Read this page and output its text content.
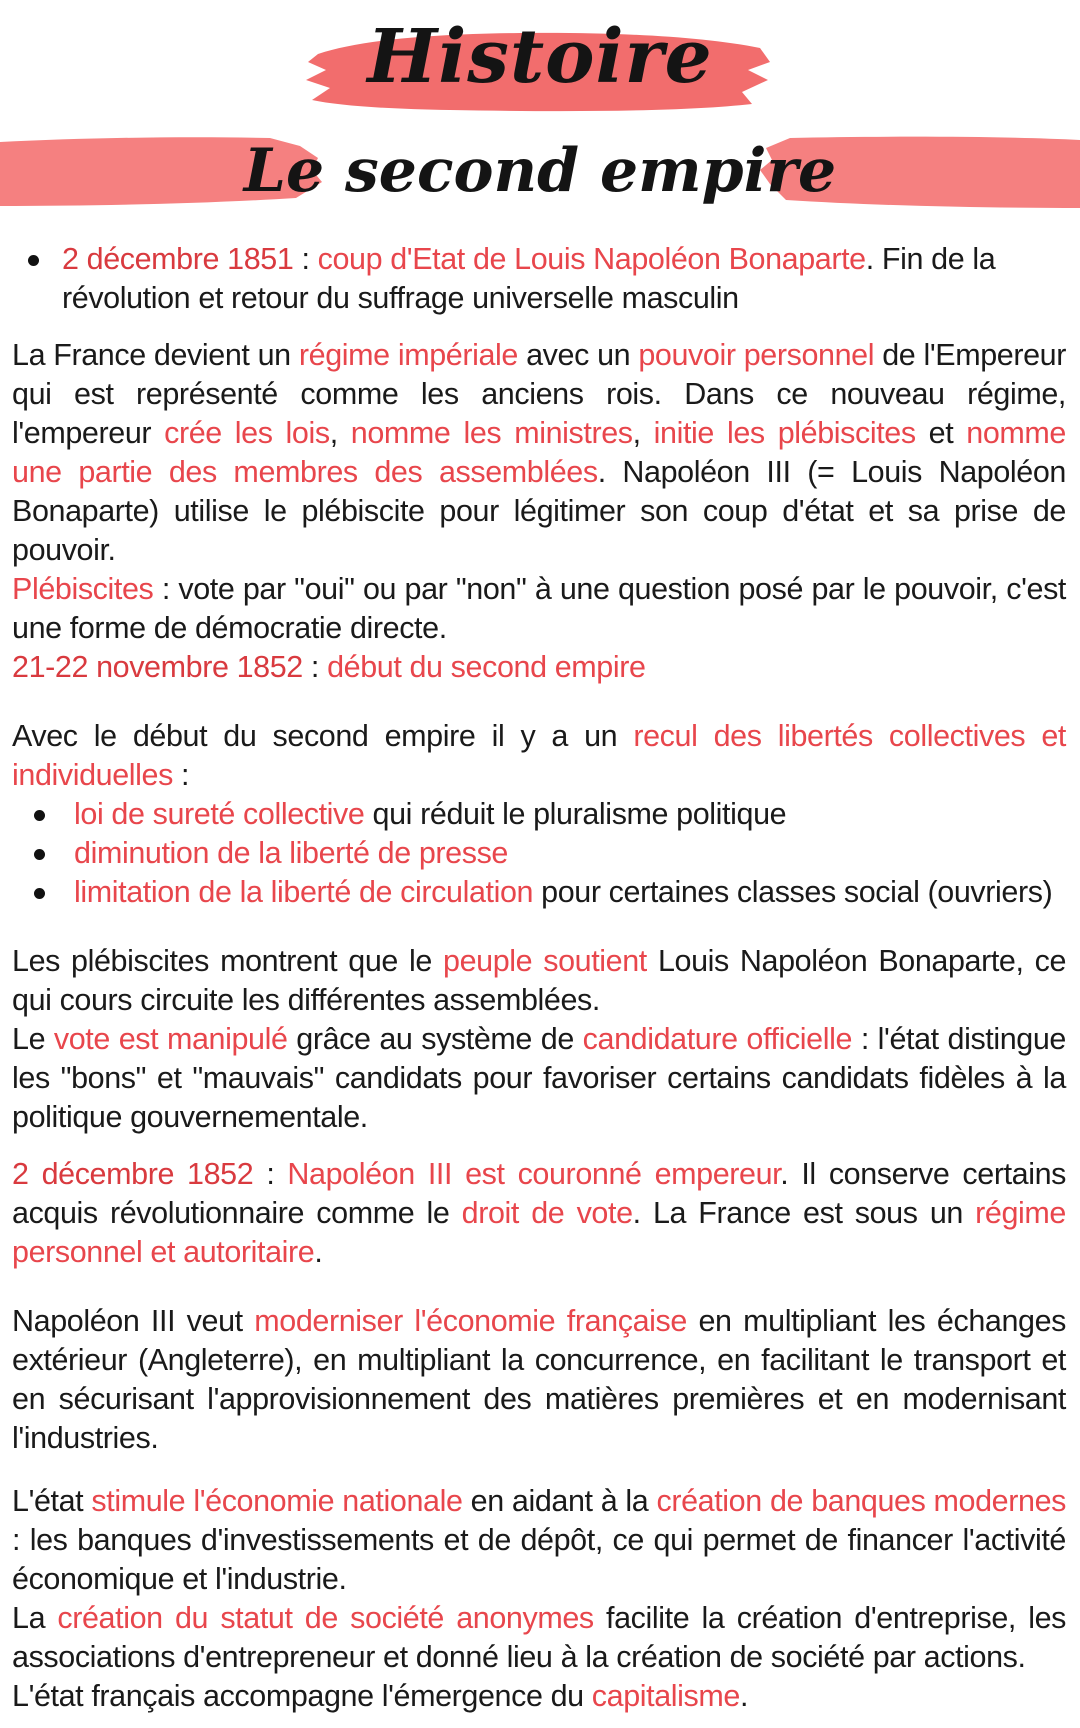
Histoire
Le second empire
2 décembre 1851 : coup d'Etat de Louis Napoléon Bonaparte. Fin de la révolution et retour du suffrage universelle masculin

La France devient un régime impériale avec un pouvoir personnel de l'Empereur qui est représenté comme les anciens rois. Dans ce nouveau régime, l'empereur crée les lois, nomme les ministres, initie les plébiscites et nomme une partie des membres des assemblées. Napoléon III (= Louis Napoléon Bonaparte) utilise le plébiscite pour légitimer son coup d'état et sa prise de pouvoir.

Plébiscites : vote par "oui" ou par "non" à une question posé par le pouvoir, c'est une forme de démocratie directe.

21-22 novembre 1852 : début du second empire

Avec le début du second empire il y a un recul des libertés collectives et individuelles :

loi de sureté collective qui réduit le pluralisme politique
diminution de la liberté de presse
limitation de la liberté de circulation pour certaines classes social (ouvriers)

Les plébiscites montrent que le peuple soutient Louis Napoléon Bonaparte, ce qui cours circuite les différentes assemblées.

Le vote est manipulé grâce au système de candidature officielle : l'état distingue les "bons" et "mauvais" candidats pour favoriser certains candidats fidèles à la politique gouvernementale.

2 décembre 1852 : Napoléon III est couronné empereur. Il conserve certains acquis révolutionnaire comme le droit de vote. La France est sous un régime personnel et autoritaire.

Napoléon III veut moderniser l'économie française en multipliant les échanges extérieur (Angleterre), en multipliant la concurrence, en facilitant le transport et en sécurisant l'approvisionnement des matières premières et en modernisant l'industries.

L'état stimule l'économie nationale en aidant à la création de banques modernes : les banques d'investissements et de dépôt, ce qui permet de financer l'activité économique et l'industrie.

La création du statut de société anonymes facilite la création d'entreprise, les associations d'entrepreneur et donné lieu à la création de société par actions.

L'état français accompagne l'émergence du capitalisme.
